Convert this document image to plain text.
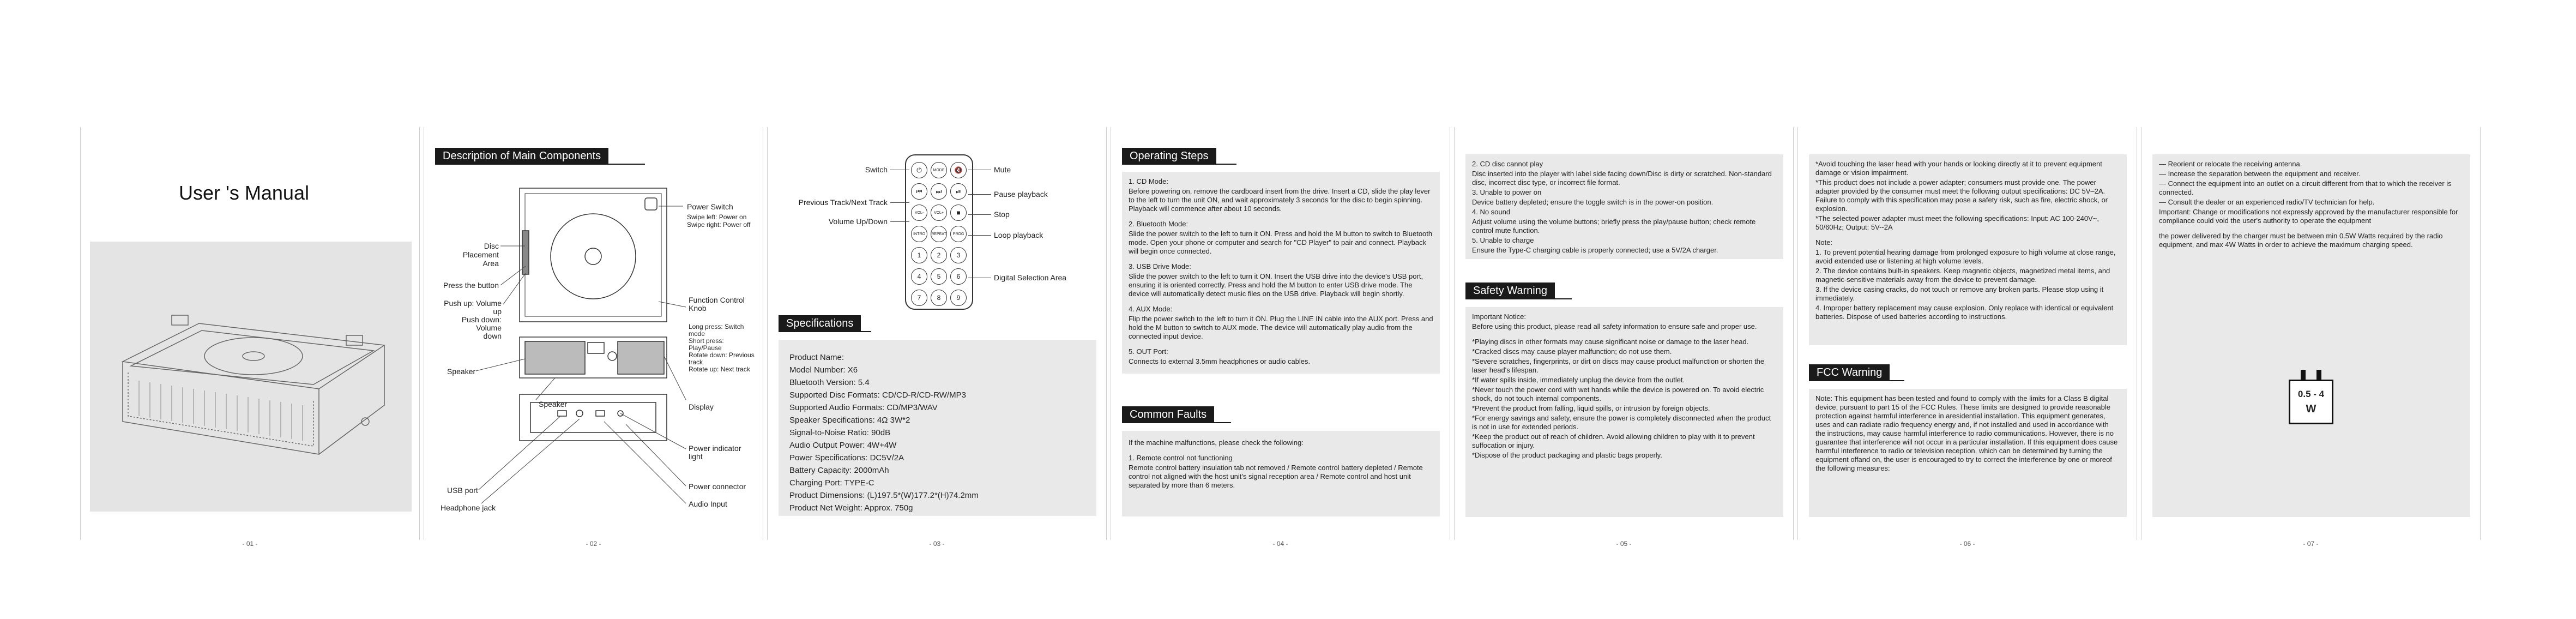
User 's Manual
- 01 -
Description of Main Components
Power Switch
Swipe left: Power on
Swipe right: Power off
Disc Placement
Area
Press the button
Push up: Volume up
Push down: Volume
down
Function Control
Knob
Long press: Switch
mode
Short press:
Play/Pause
Rotate down: Previous
track
Rotate up: Next track
Speaker
Speaker	Display
Power indicator
light
USB port	Power connector
Headphone jack	Audio Input
- 02 -
⏻	MODE	🔇
⏮	⏭	⏯
VOL-	VOL+	■
INTRO	REPEAT	PROG
1	2	3
4	5	6
7	8	9
Switch
Previous Track/Next Track
Volume Up/Down
Mute
Pause playback
Stop
Loop playback
Digital Selection Area
Specifications

Product Name:

Model Number: X6

Bluetooth Version: 5.4

Supported Disc Formats: CD/CD-R/CD-RW/MP3

Supported Audio Formats: CD/MP3/WAV

Speaker Specifications: 4Ω 3W*2

Signal-to-Noise Ratio: 90dB

Audio Output Power: 4W+4W

Power Specifications: DC5V/2A

Battery Capacity: 2000mAh

Charging Port: TYPE-C

Product Dimensions: (L)197.5*(W)177.2*(H)74.2mm

Product Net Weight: Approx. 750g

- 03 -
Operating Steps

1. CD Mode:

Before powering on, remove the cardboard insert from the drive. Insert a CD, slide the play lever to the left to turn the unit ON, and wait approximately 3 seconds for the disc to begin spinning. Playback will commence after about 10 seconds.

2. Bluetooth Mode:

Slide the power switch to the left to turn it ON. Press and hold the M button to switch to Bluetooth mode. Open your phone or computer and search for "CD Player" to pair and connect. Playback will begin once connected.

3. USB Drive Mode:

Slide the power switch to the left to turn it ON. Insert the USB drive into the device's USB port, ensuring it is oriented correctly. Press and hold the M button to enter USB drive mode. The device will automatically detect music files on the USB drive. Playback will begin shortly.

4. AUX Mode:

Flip the power switch to the left to turn it ON. Plug the LINE IN cable into the AUX port. Press and hold the M button to switch to AUX mode. The device will automatically play audio from the connected input device.

5. OUT Port:

Connects to external 3.5mm headphones or audio cables.

Common Faults

If the machine malfunctions, please check the following:

1. Remote control not functioning

Remote control battery insulation tab not removed / Remote control battery depleted / Remote control not aligned with the host unit's signal reception area / Remote control and host unit separated by more than 6 meters.

- 04 -

2. CD disc cannot play

Disc inserted into the player with label side facing down/Disc is dirty or scratched. Non-standard disc, incorrect disc type, or incorrect file format.

3. Unable to power on

Device battery depleted; ensure the toggle switch is in the power-on position.

4. No sound

Adjust volume using the volume buttons; briefly press the play/pause button; check remote control mute function.

5. Unable to charge

Ensure the Type-C charging cable is properly connected; use a 5V/2A charger.

Safety Warning

Important Notice:

Before using this product, please read all safety information to ensure safe and proper use.

*Playing discs in other formats may cause significant noise or damage to the laser head.

*Cracked discs may cause player malfunction; do not use them.

*Severe scratches, fingerprints, or dirt on discs may cause product malfunction or shorten the laser head's lifespan.

*If water spills inside, immediately unplug the device from the outlet.

*Never touch the power cord with wet hands while the device is powered on. To avoid electric shock, do not touch internal components.

*Prevent the product from falling, liquid spills, or intrusion by foreign objects.

*For energy savings and safety, ensure the power is completely disconnected when the product is not in use for extended periods.

*Keep the product out of reach of children. Avoid allowing children to play with it to prevent suffocation or injury.

*Dispose of the product packaging and plastic bags properly.

- 05 -

*Avoid touching the laser head with your hands or looking directly at it to prevent equipment damage or vision impairment.

*This product does not include a power adapter; consumers must provide one. The power adapter provided by the consumer must meet the following output specifications: DC 5V–2A. Failure to comply with this specification may pose a safety risk, such as fire, electric shock, or explosion.

*The selected power adapter must meet the following specifications: Input: AC 100-240V~, 50/60Hz; Output: 5V--2A

Note:

1. To prevent potential hearing damage from prolonged exposure to high volume at close range, avoid extended use or listening at high volume levels.

2. The device contains built-in speakers. Keep magnetic objects, magnetized metal items, and magnetic-sensitive materials away from the device to prevent damage.

3. If the device casing cracks, do not touch or remove any broken parts. Please stop using it immediately.

4. Improper battery replacement may cause explosion. Only replace with identical or equivalent batteries. Dispose of used batteries according to instructions.

FCC Warning

Note: This equipment has been tested and found to comply with the limits for a Class B digital device, pursuant to part 15 of the FCC Rules. These limits are designed to provide reasonable protection against harmful interference in aresidential installation. This equipment generates, uses and can radiate radio frequency energy and, if not installed and used in accordance with the instructions, may cause harmful interference to radio communications. However, there is no guarantee that interference will not occur in a particular installation. If this equipment does cause harmful interference to radio or television reception, which can be determined by turning the equipment offand on, the user is encouraged to try to correct the interference by one or moreof the following measures:

- 06 -

— Reorient or relocate the receiving antenna.

— Increase the separation between the equipment and receiver.

— Connect the equipment into an outlet on a circuit different from that to which the receiver is connected.

— Consult the dealer or an experienced radio/TV technician for help.

Important: Change or modifications not expressly approved by the manufacturer responsible for compliance could void the user's authority to operate the equipment

the power delivered by the charger must be between min 0.5W Watts required by the radio equipment, and max 4W Watts in order to achieve the maximum charging speed.

0.5 - 4
W
- 07 -
